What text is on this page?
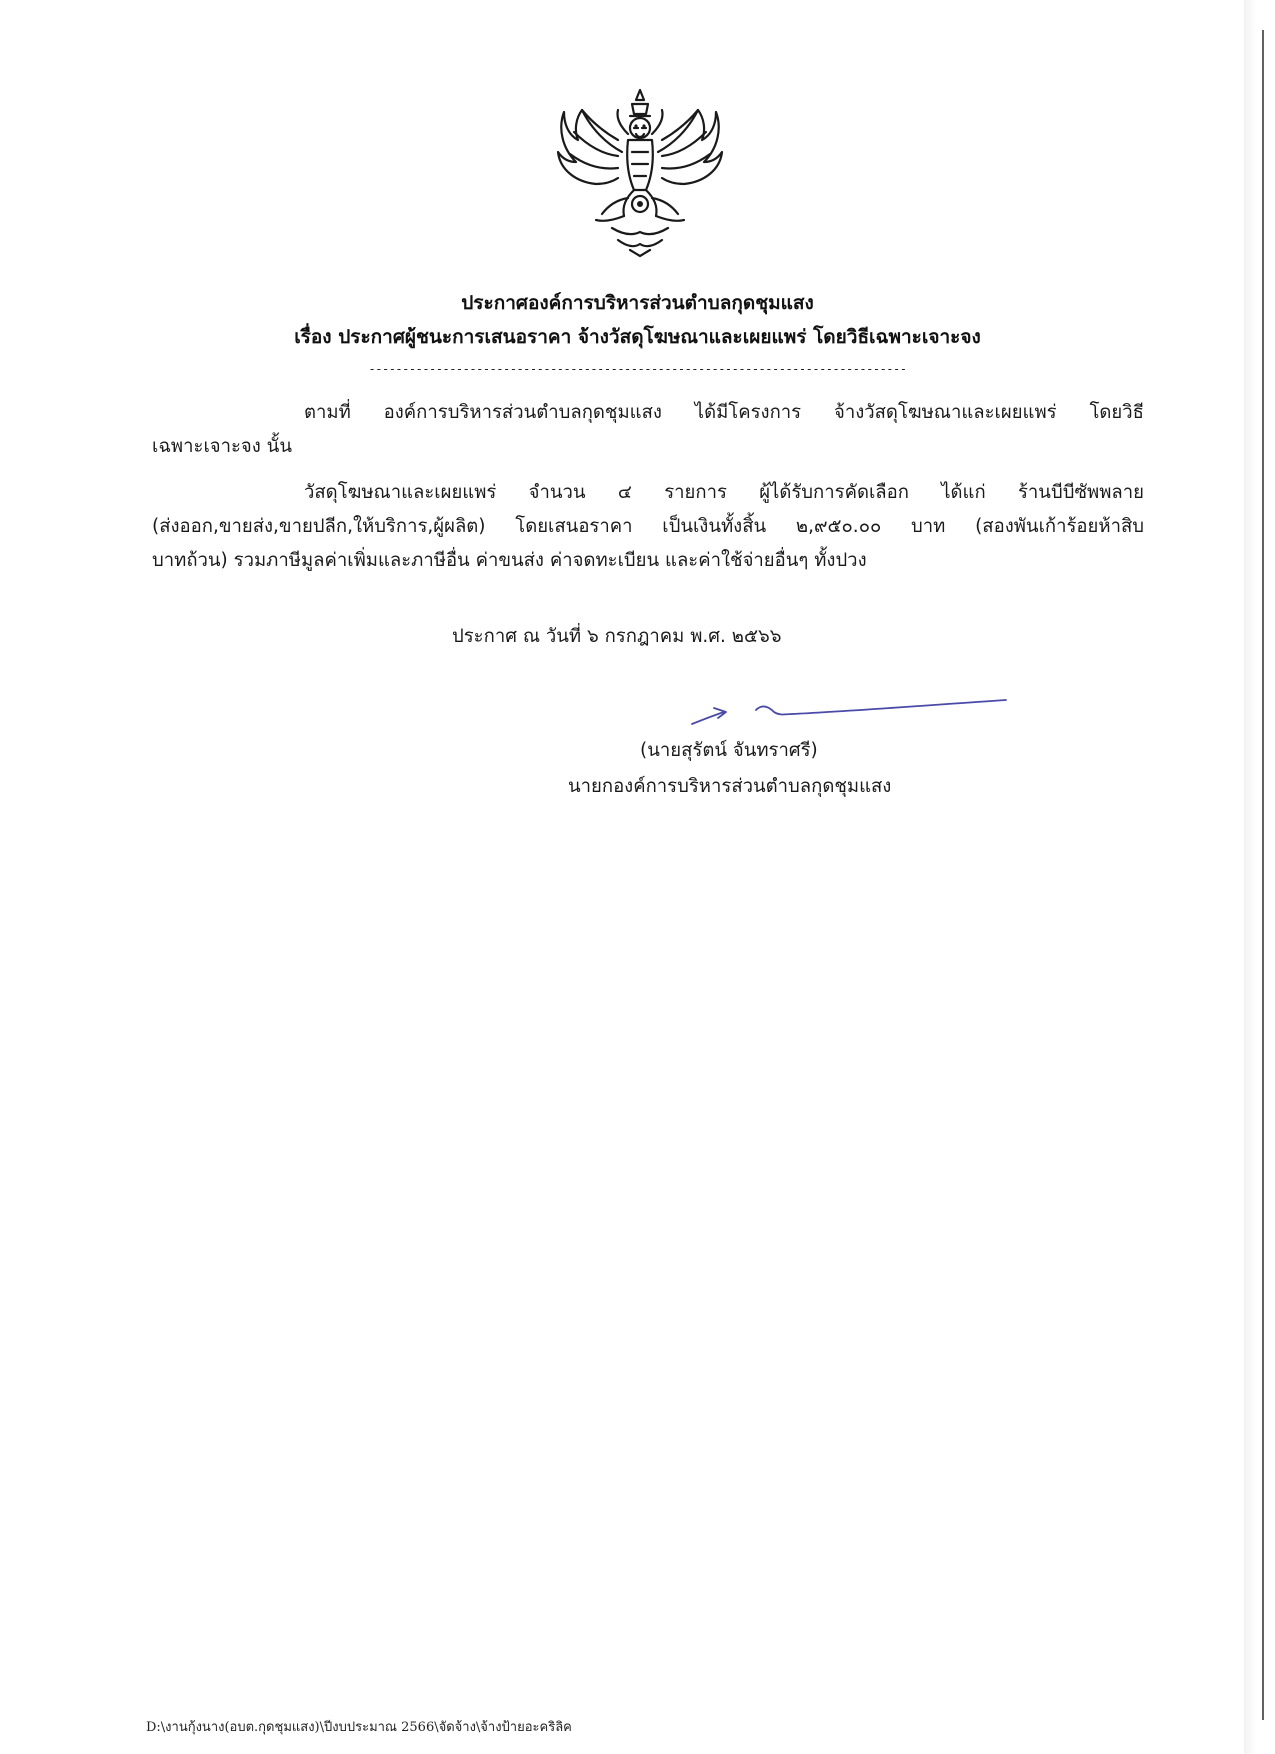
ประกาศองค์การบริหารส่วนตำบลกุดชุมแสง
เรื่อง ประกาศผู้ชนะการเสนอราคา จ้างวัสดุโฆษณาและเผยแพร่ โดยวิธีเฉพาะเจาะจง
--------------------------------------------------------------------------------

ตามที่ องค์การบริหารส่วนตำบลกุดชุมแสง ได้มีโครงการ จ้างวัสดุโฆษณาและเผยแพร่ โดยวิธี

เฉพาะเจาะจง นั้น

วัสดุโฆษณาและเผยแพร่ จำนวน ๔ รายการ ผู้ได้รับการคัดเลือก ได้แก่ ร้านบีบีซัพพลาย

(ส่งออก,ขายส่ง,ขายปลีก,ให้บริการ,ผู้ผลิต) โดยเสนอราคา เป็นเงินทั้งสิ้น ๒,๙๕๐.๐๐ บาท (สองพันเก้าร้อยห้าสิบ

บาทถ้วน) รวมภาษีมูลค่าเพิ่มและภาษีอื่น ค่าขนส่ง ค่าจดทะเบียน และค่าใช้จ่ายอื่นๆ ทั้งปวง

ประกาศ ณ วันที่ ๖ กรกฎาคม พ.ศ. ๒๕๖๖
(นายสุรัตน์ จันทราศรี)
นายกองค์การบริหารส่วนตำบลกุดชุมแสง
D:\งานกุ้งนาง(อบต.กุดชุมแสง)\ปีงบประมาณ 2566\จัดจ้าง\จ้างป้ายอะคริลิค
